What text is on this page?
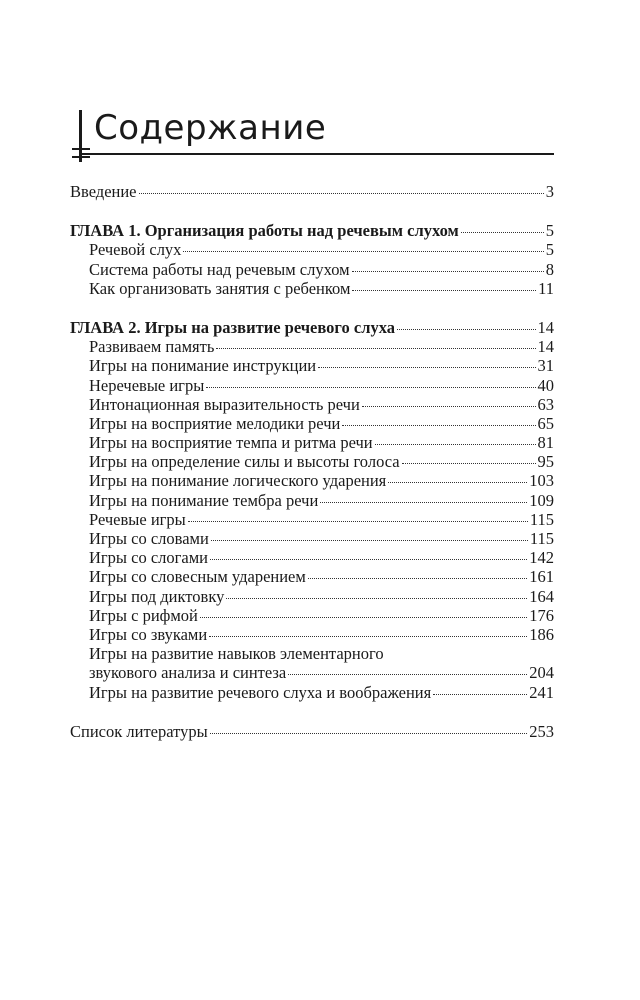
Содержание
Введение	3
ГЛАВА 1. Организация работы над речевым слухом	5
Речевой слух	5
Система работы над речевым слухом	8
Как организовать занятия с ребенком	11
ГЛАВА 2. Игры на развитие речевого слуха	14
Развиваем память	14
Игры на понимание инструкции	31
Неречевые игры	40
Интонационная выразительность речи	63
Игры на восприятие мелодики речи	65
Игры на восприятие темпа и ритма речи	81
Игры на определение силы и высоты голоса	95
Игры на понимание логического ударения	103
Игры на понимание тембра речи	109
Речевые игры	115
Игры со словами	115
Игры со слогами	142
Игры со словесным ударением	161
Игры под диктовку	164
Игры с рифмой	176
Игры со звуками	186
Игры на развитие навыков элементарного
звукового анализа и синтеза	204
Игры на развитие речевого слуха и воображения	241
Список литературы	253
